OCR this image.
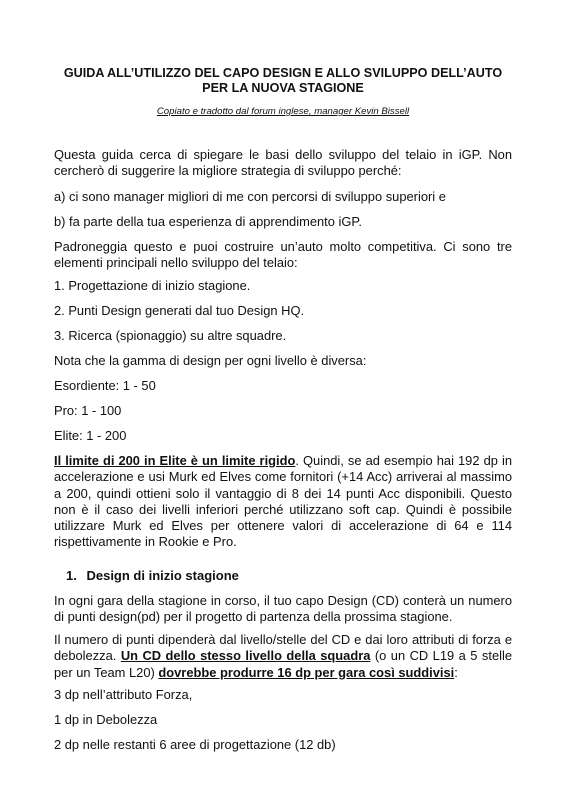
GUIDA ALL’UTILIZZO DEL CAPO DESIGN E ALLO SVILUPPO DELL’AUTO
PER LA NUOVA STAGIONE
Copiato e tradotto dal forum inglese, manager Kevin Bissell

Questa guida cerca di spiegare le basi dello sviluppo del telaio in iGP. Non cercherò di suggerire la migliore strategia di sviluppo perché:

a) ci sono manager migliori di me con percorsi di sviluppo superiori e

b) fa parte della tua esperienza di apprendimento iGP.

Padroneggia questo e puoi costruire un’auto molto competitiva. Ci sono tre elementi principali nello sviluppo del telaio:

1. Progettazione di inizio stagione.

2. Punti Design generati dal tuo Design HQ.

3. Ricerca (spionaggio) su altre squadre.

Nota che la gamma di design per ogni livello è diversa:

Esordiente: 1 - 50

Pro: 1 - 100

Elite: 1 - 200

Il limite di 200 in Elite è un limite rigido. Quindi, se ad esempio hai 192 dp in accelerazione e usi Murk ed Elves come fornitori (+14 Acc) arriverai al massimo a 200, quindi ottieni solo il vantaggio di 8 dei 14 punti Acc disponibili. Questo non è il caso dei livelli inferiori perché utilizzano soft cap. Quindi è possibile utilizzare Murk ed Elves per ottenere valori di accelerazione di 64 e 114 rispettivamente in Rookie e Pro.

1. Design di inizio stagione

In ogni gara della stagione in corso, il tuo capo Design (CD) conterà un numero di punti design(pd) per il progetto di partenza della prossima stagione.

Il numero di punti dipenderà dal livello/stelle del CD e dai loro attributi di forza e debolezza. Un CD dello stesso livello della squadra (o un CD L19 a 5 stelle per un Team L20) dovrebbe produrre 16 dp per gara così suddivisi:

3 dp nell’attributo Forza,

1 dp in Debolezza

2 dp nelle restanti 6 aree di progettazione (12 db)
